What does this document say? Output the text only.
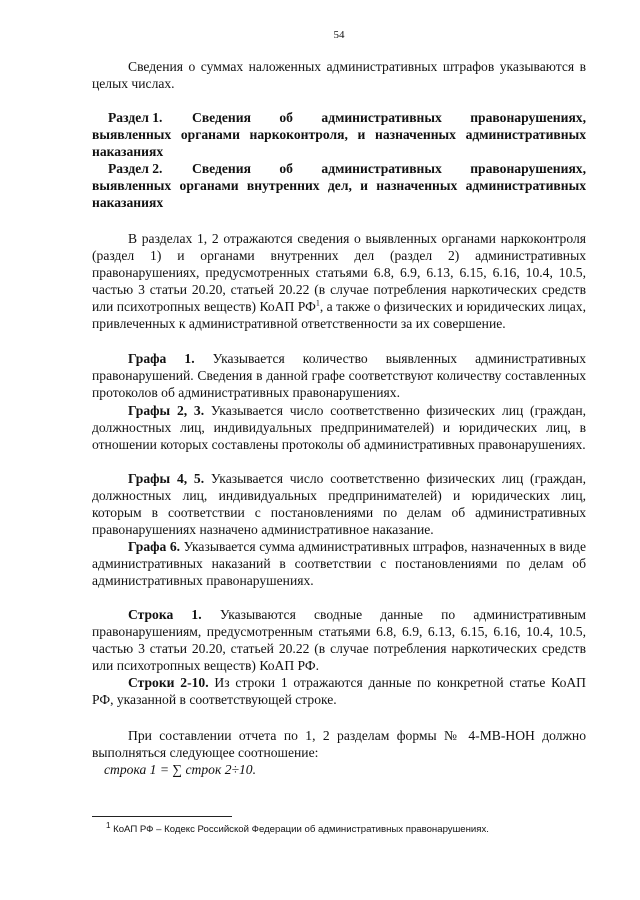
54

Сведения о суммах наложенных административных штрафов указываются в целых числах.

Раздел 1. Сведения об административных правонарушениях, выявленных органами наркоконтроля, и назначенных административных наказаниях

Раздел 2. Сведения об административных правонарушениях, выявленных органами внутренних дел, и назначенных административных наказаниях

В разделах 1, 2 отражаются сведения о выявленных органами наркоконтроля (раздел 1) и органами внутренних дел (раздел 2) административных правонарушениях, предусмотренных статьями 6.8, 6.9, 6.13, 6.15, 6.16, 10.4, 10.5, частью 3 статьи 20.20, статьей 20.22 (в случае потребления наркотических средств или психотропных веществ) КоАП $РФ^1$, а также о физических и юридических лицах, привлеченных к административной ответственности за их совершение.

Графа 1. Указывается количество выявленных административных правонарушений. Сведения в данной графе соответствуют количеству составленных протоколов об административных правонарушениях.

Графы 2, 3. Указывается число соответственно физических лиц (граждан, должностных лиц, индивидуальных предпринимателей) и юридических лиц, в отношении которых составлены протоколы об административных правонарушениях.

Графы 4, 5. Указывается число соответственно физических лиц (граждан, должностных лиц, индивидуальных предпринимателей) и юридических лиц, которым в соответствии с постановлениями по делам об административных правонарушениях назначено административное наказание.

Графа 6. Указывается сумма административных штрафов, назначенных в виде административных наказаний в соответствии с постановлениями по делам об административных правонарушениях.

Строка 1. Указываются сводные данные по административным правонарушениям, предусмотренным статьями 6.8, 6.9, 6.13, 6.15, 6.16, 10.4, 10.5, частью 3 статьи 20.20, статьей 20.22 (в случае потребления наркотических средств или психотропных веществ) КоАП РФ.

Строки 2-10. Из строки 1 отражаются данные по конкретной статье КоАП РФ, указанной в соответствующей строке.

При составлении отчета по 1, 2 разделам формы № 4-МВ-НОН должно выполняться следующее соотношение:

строка 1 = ∑ строк 2÷10.

$^1$ КоАП РФ – Кодекс Российской Федерации об административных правонарушениях.
